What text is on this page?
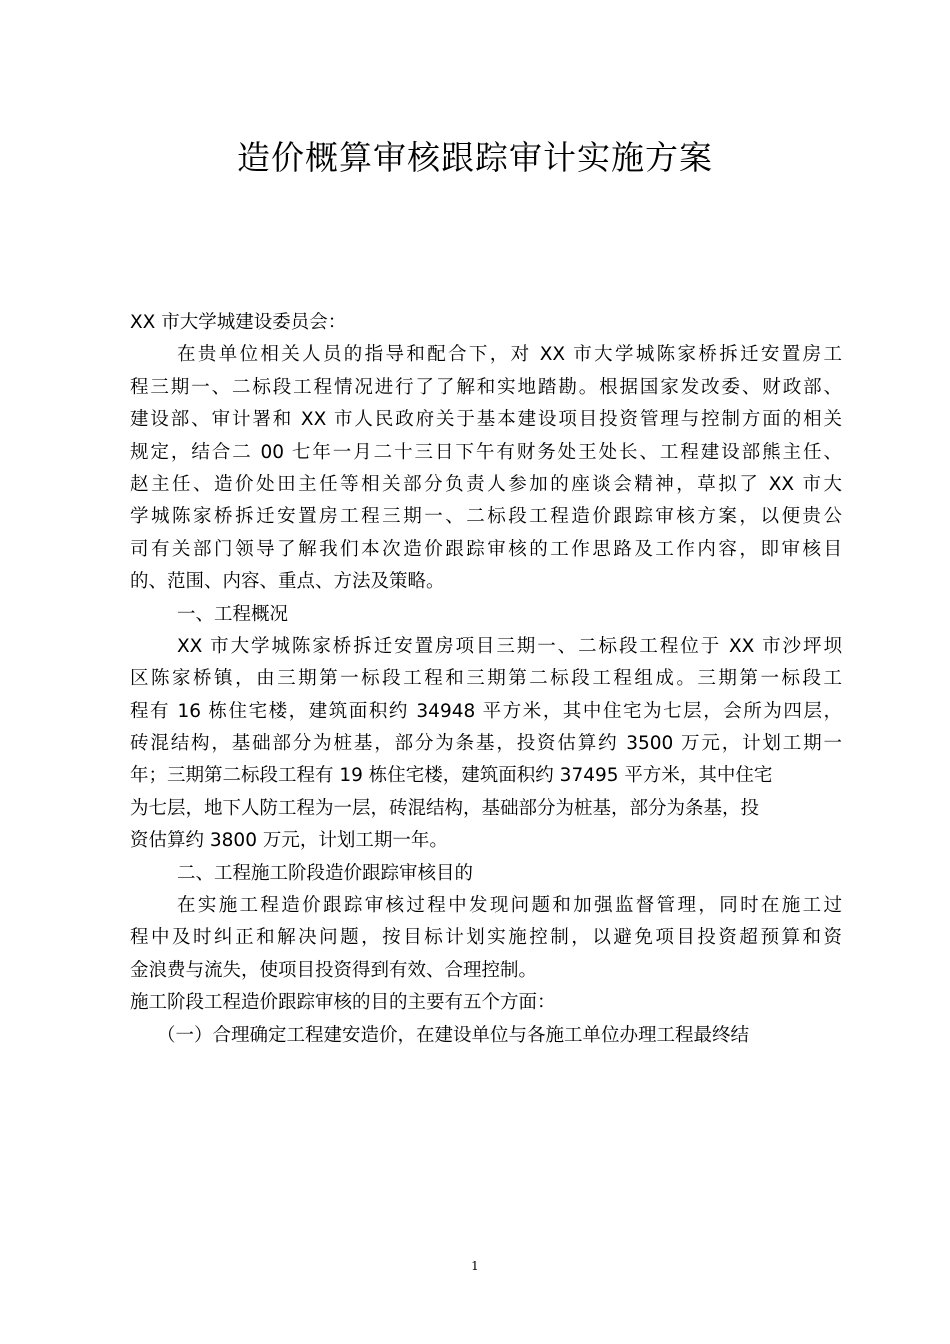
造价概算审核跟踪审计实施方案
XX 市大学城建设委员会：
在贵单位相关人员的指导和配合下，对 XX 市大学城陈家桥拆迁安置房工
程三期一、二标段工程情况进行了了解和实地踏勘。根据国家发改委、财政部、
建设部、审计署和 XX 市人民政府关于基本建设项目投资管理与控制方面的相关
规定，结合二 00 七年一月二十三日下午有财务处王处长、工程建设部熊主任、
赵主任、造价处田主任等相关部分负责人参加的座谈会精神，草拟了 XX 市大
学城陈家桥拆迁安置房工程三期一、二标段工程造价跟踪审核方案，以便贵公
司有关部门领导了解我们本次造价跟踪审核的工作思路及工作内容，即审核目
的、范围、内容、重点、方法及策略。
一、工程概况
XX 市大学城陈家桥拆迁安置房项目三期一、二标段工程位于 XX 市沙坪坝
区陈家桥镇，由三期第一标段工程和三期第二标段工程组成。三期第一标段工
程有 16 栋住宅楼，建筑面积约 34948 平方米，其中住宅为七层，会所为四层，
砖混结构，基础部分为桩基，部分为条基，投资估算约 3500 万元，计划工期一
年；三期第二标段工程有 19 栋住宅楼，建筑面积约 37495 平方米，其中住宅
为七层，地下人防工程为一层，砖混结构，基础部分为桩基，部分为条基，投
资估算约 3800 万元，计划工期一年。
二、工程施工阶段造价跟踪审核目的
在实施工程造价跟踪审核过程中发现问题和加强监督管理，同时在施工过
程中及时纠正和解决问题，按目标计划实施控制，以避免项目投资超预算和资
金浪费与流失，使项目投资得到有效、合理控制。
施工阶段工程造价跟踪审核的目的主要有五个方面：
（一）合理确定工程建安造价，在建设单位与各施工单位办理工程最终结
1
